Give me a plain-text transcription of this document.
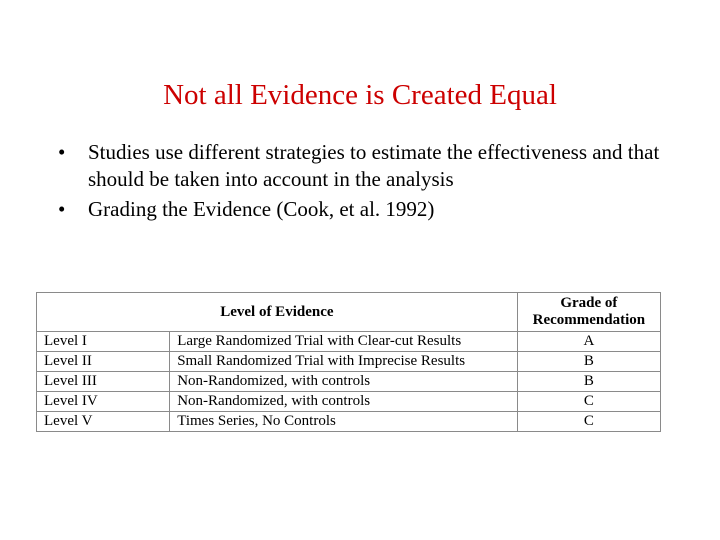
Not all Evidence is Created Equal
• Studies use different strategies to estimate the effectiveness and that should be taken into account in the analysis
• Grading the Evidence (Cook, et al. 1992)
Level of Evidence		Grade of
Recommendation

Level I	Large Randomized Trial with Clear-cut Results	A
Level II	Small Randomized Trial with Imprecise Results	B
Level III	Non-Randomized, with controls	B
Level IV	Non-Randomized, with controls	C
Level V	Times Series, No Controls	C
